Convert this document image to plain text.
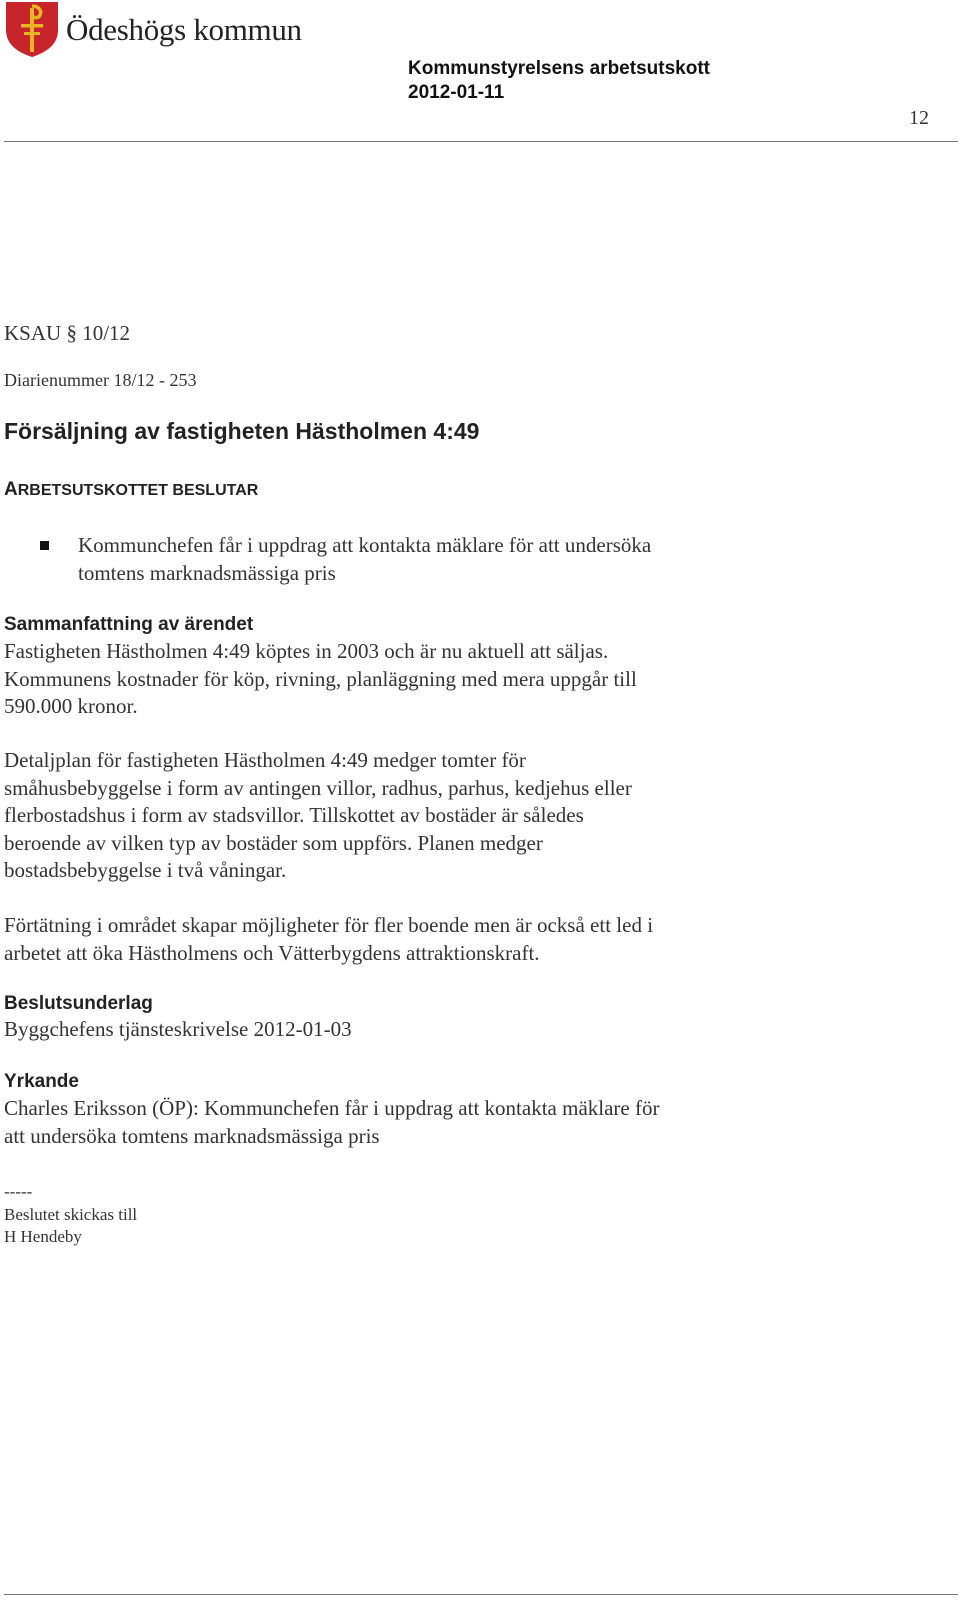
Ödeshögs kommun
Kommunstyrelsens arbetsutskott
2012-01-11
12
KSAU § 10/12
Diarienummer 18/12 - 253
Försäljning av fastigheten Hästholmen 4:49
ARBETSUTSKOTTET BESLUTAR
Kommunchefen får i uppdrag att kontakta mäklare för att undersöka
tomtens marknadsmässiga pris
Sammanfattning av ärendet
Fastigheten Hästholmen 4:49 köptes in 2003 och är nu aktuell att säljas.
Kommunens kostnader för köp, rivning, planläggning med mera uppgår till
590.000 kronor.
Detaljplan för fastigheten Hästholmen 4:49 medger tomter för
småhusbebyggelse i form av antingen villor, radhus, parhus, kedjehus eller
flerbostadshus i form av stadsvillor. Tillskottet av bostäder är således
beroende av vilken typ av bostäder som uppförs. Planen medger
bostadsbebyggelse i två våningar.
Förtätning i området skapar möjligheter för fler boende men är också ett led i
arbetet att öka Hästholmens och Vätterbygdens attraktionskraft.
Beslutsunderlag
Byggchefens tjänsteskrivelse 2012-01-03
Yrkande
Charles Eriksson (ÖP): Kommunchefen får i uppdrag att kontakta mäklare för
att undersöka tomtens marknadsmässiga pris
-----
Beslutet skickas till
H Hendeby
